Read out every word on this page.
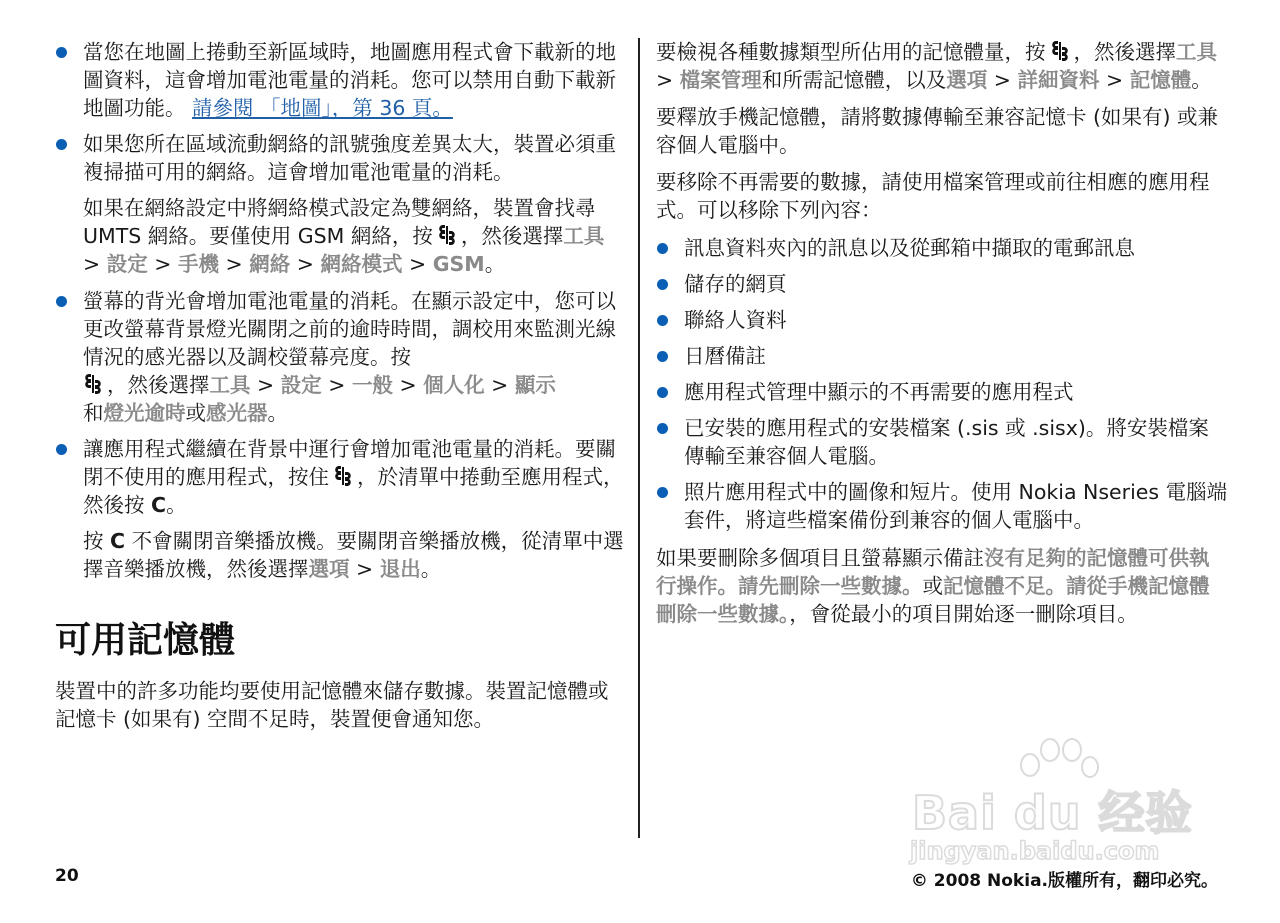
當您在地圖上捲動至新區域時，地圖應用程式會下載新的地圖資料，這會增加電池電量的消耗。您可以禁用自動下載新地圖功能。 請參閱 「地圖」，第 36 頁。
如果您所在區域流動網絡的訊號強度差異太大，裝置必須重複掃描可用的網絡。這會增加電池電量的消耗。

如果在網絡設定中將網絡模式設定為雙網絡，裝置會找尋 UMTS 網絡。要僅使用 GSM 網絡，按 ，然後選擇工具 > 設定 > 手機 > 網絡 > 網絡模式 > GSM。

螢幕的背光會增加電池電量的消耗。在顯示設定中，您可以更改螢幕背景燈光關閉之前的逾時時間，調校用來監測光線情況的感光器以及調校螢幕亮度。按
，然後選擇工具 > 設定 > 一般 > 個人化 > 顯示
和燈光逾時或感光器。
讓應用程式繼續在背景中運行會增加電池電量的消耗。要關閉不使用的應用程式，按住 ，於清單中捲動至應用程式，然後按 C。

按 C 不會關閉音樂播放機。要關閉音樂播放機，從清單中選擇音樂播放機，然後選擇選項 > 退出。

可用記憶體

裝置中的許多功能均要使用記憶體來儲存數據。裝置記憶體或記憶卡 (如果有) 空間不足時，裝置便會通知您。

要檢視各種數據類型所佔用的記憶體量，按 ，然後選擇工具 > 檔案管理和所需記憶體，以及選項 > 詳細資料 > 記憶體。

要釋放手機記憶體，請將數據傳輸至兼容記憶卡 (如果有) 或兼容個人電腦中。

要移除不再需要的數據，請使用檔案管理或前往相應的應用程式。可以移除下列內容：

訊息資料夾內的訊息以及從郵箱中擷取的電郵訊息
儲存的網頁
聯絡人資料
日曆備註
應用程式管理中顯示的不再需要的應用程式
已安裝的應用程式的安裝檔案 (.sis 或 .sisx)。將安裝檔案傳輸至兼容個人電腦。
照片應用程式中的圖像和短片。使用 Nokia Nseries 電腦端套件，將這些檔案備份到兼容的個人電腦中。

如果要刪除多個項目且螢幕顯示備註沒有足夠的記憶體可供執行操作。請先刪除一些數據。或記憶體不足。請從手機記憶體刪除一些數據。，會從最小的項目開始逐一刪除項目。

Bai du 经验
jingyan.baidu.com
20	© 2008 Nokia.版權所有，翻印必究。
